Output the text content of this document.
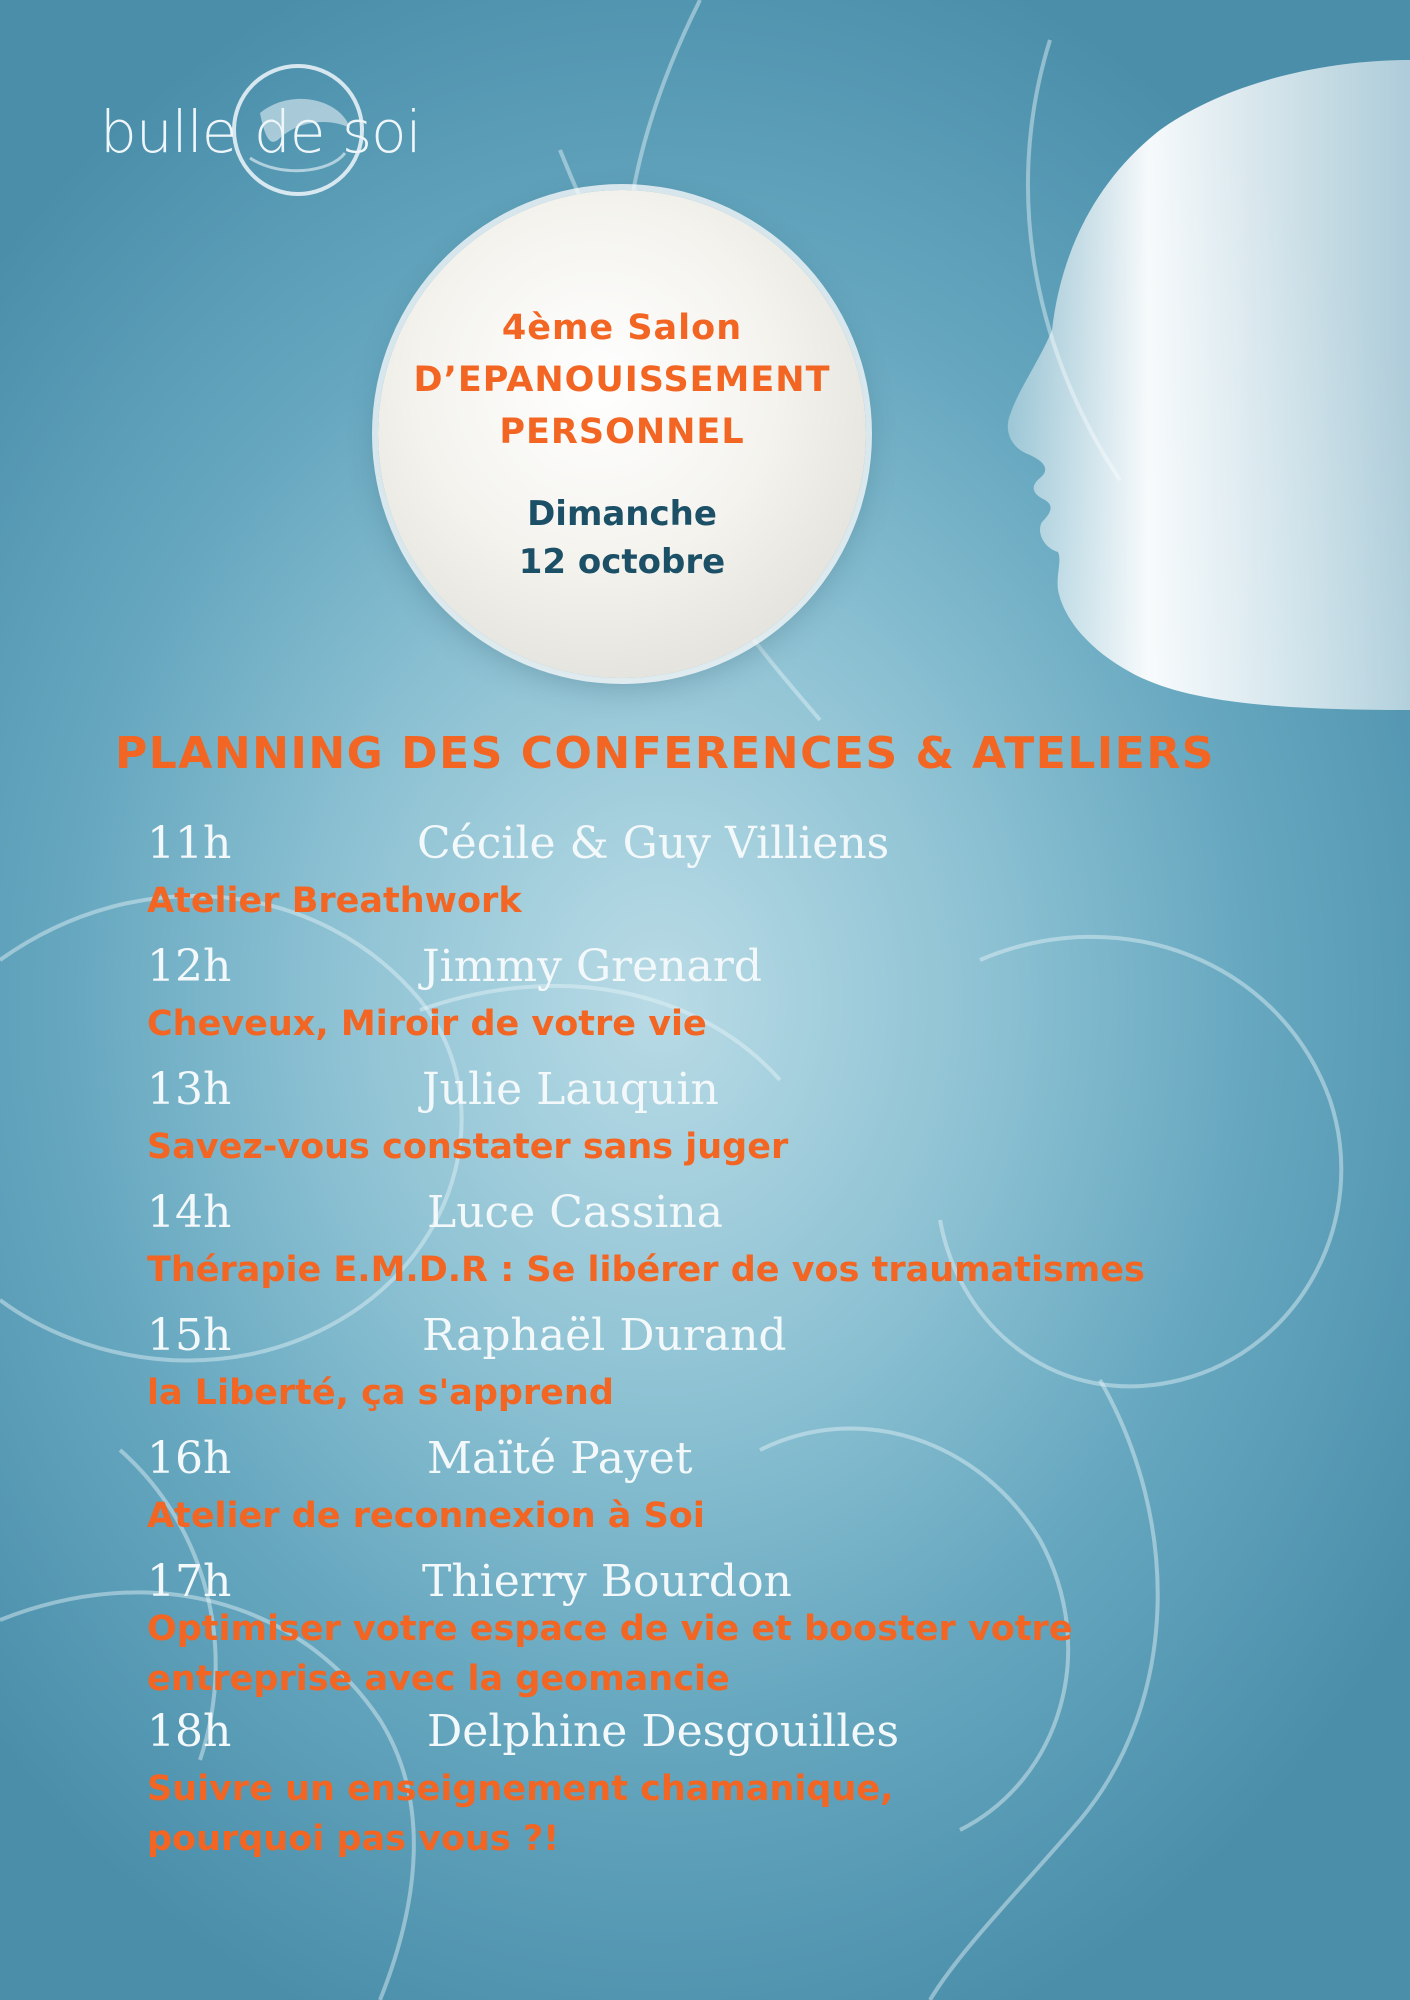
bulle de soi
4ème Salon
D’EPANOUISSEMENT
PERSONNEL
Dimanche
12 octobre
PLANNING DES CONFERENCES & ATELIERS
11h	Cécile & Guy Villiens
Atelier Breathwork
12h	Jimmy Grenard
Cheveux, Miroir de votre vie
13h	Julie Lauquin
Savez-vous constater sans juger
14h	Luce Cassina
Thérapie E.M.D.R : Se libérer de vos traumatismes
15h	Raphaël Durand
la Liberté, ça s'apprend
16h	Maïté Payet
Atelier de reconnexion à Soi
17h	Thierry Bourdon
Optimiser votre espace de vie et booster votre
entreprise avec la geomancie
18h	Delphine Desgouilles
Suivre un enseignement chamanique,
pourquoi pas vous ?!
